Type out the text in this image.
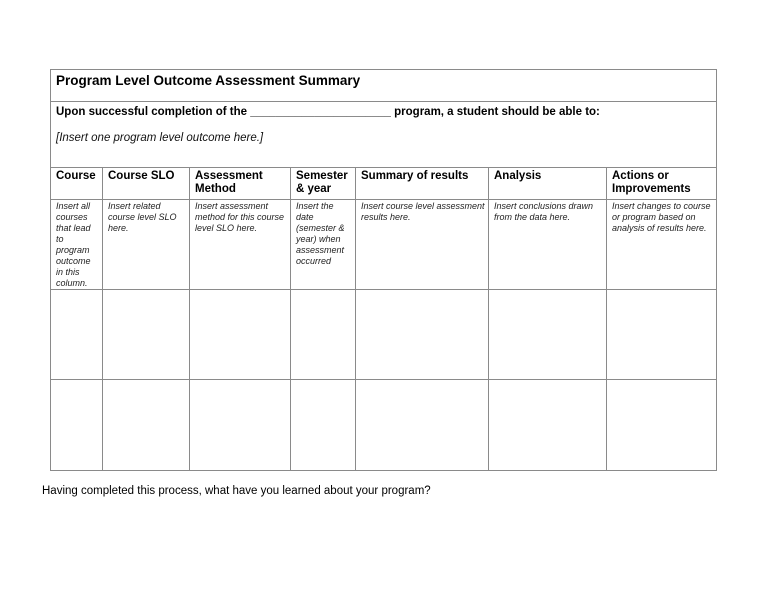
Program Level Outcome Assessment Summary						

Upon successful completion of the ______________________ program, a student should be able to:
[Insert one program level outcome here.]						

Course	Course SLO	Assessment Method	Semester & year	Summary of results	Analysis	Actions or Improvements
Insert all courses that lead to program outcome in this column.	Insert related course level SLO here.	Insert assessment method for this course level SLO here.	Insert the date (semester & year) when assessment occurred	Insert course level assessment results here.	Insert conclusions drawn from the data here.	Insert changes to course or program based on analysis of results here.

Having completed this process, what have you learned about your program?
